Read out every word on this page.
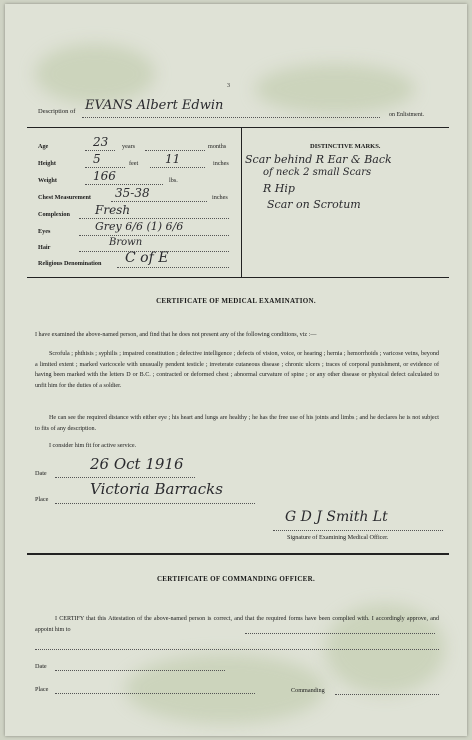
3
Description of EVANS Albert Edwin
on Enlistment.
Age	23 years	months
Height	5	feet 11	inches
Weight	166	lbs.
Chest Measurement 35-38	inches
Complexion Fresh
Eyes	Grey 6/6 (1) 6/6
Hair	Brown
Religious Denomination C of E
DISTINCTIVE MARKS.
Scar behind R Ear & Back
of neck 2 small Scars
R Hip
Scar on Scrotum
CERTIFICATE OF MEDICAL EXAMINATION.
I have examined the above-named person, and find that he does not present any of the following conditions, viz :—
Scrofula ; phthisis ; syphilis ; impaired constitution ; defective intelligence ; defects of vision, voice, or hearing ; hernia ; hemorrhoids ; varicose veins, beyond a limited extent ; marked varicocele with unusually pendent testicle ; inveterate cutaneous disease ; chronic ulcers ; traces of corporal punishment, or evidence of having been marked with the letters D or B.C. ; contracted or deformed chest ; abnormal curvature of spine ; or any other disease or physical defect calculated to unfit him for the duties of a soldier.
He can see the required distance with either eye ; his heart and lungs are healthy ; he has the free use of his joints and limbs ; and he declares he is not subject to fits of any description.
I consider him fit for active service.
Date
26 Oct 1916
Place
Victoria Barracks
G D J Smith Lt
Signature of Examining Medical Officer.
CERTIFICATE OF COMMANDING OFFICER.
I CERTIFY that this Attestation of the above-named person is correct, and that the required forms have been complied with. I accordingly approve, and appoint him to
Date
Place	Commanding
